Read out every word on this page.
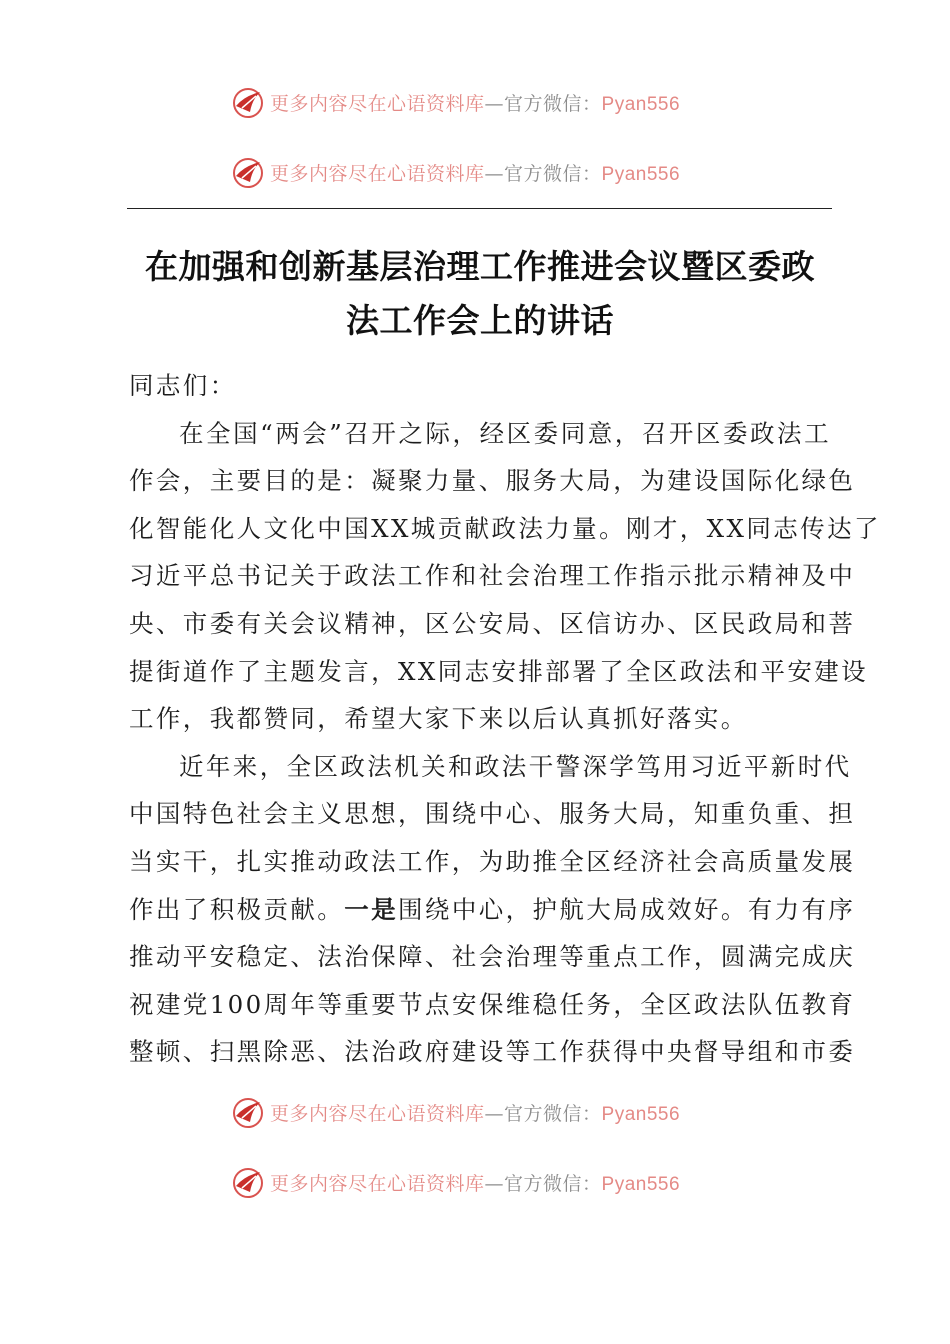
更多内容尽在心语资料库—官方微信：Pyan556
更多内容尽在心语资料库—官方微信：Pyan556
在加强和创新基层治理工作推进会议暨区委政
法工作会上的讲话
同志们：
在全国“两会”召开之际，经区委同意，召开区委政法工
作会，主要目的是：凝聚力量、服务大局，为建设国际化绿色
化智能化人文化中国XX城贡献政法力量。刚才，XX同志传达了
习近平总书记关于政法工作和社会治理工作指示批示精神及中
央、市委有关会议精神，区公安局、区信访办、区民政局和菩
提街道作了主题发言，XX同志安排部署了全区政法和平安建设
工作，我都赞同，希望大家下来以后认真抓好落实。
近年来，全区政法机关和政法干警深学笃用习近平新时代
中国特色社会主义思想，围绕中心、服务大局，知重负重、担
当实干，扎实推动政法工作，为助推全区经济社会高质量发展
作出了积极贡献。一是围绕中心，护航大局成效好。有力有序
推动平安稳定、法治保障、社会治理等重点工作，圆满完成庆
祝建党100周年等重要节点安保维稳任务，全区政法队伍教育
整顿、扫黑除恶、法治政府建设等工作获得中央督导组和市委
更多内容尽在心语资料库—官方微信：Pyan556
更多内容尽在心语资料库—官方微信：Pyan556
